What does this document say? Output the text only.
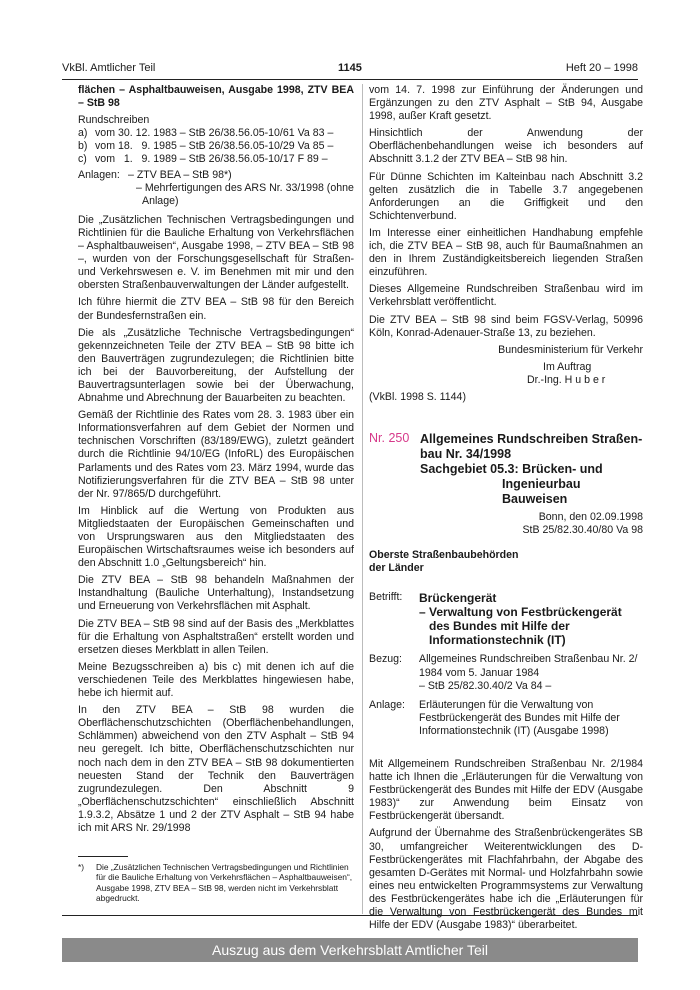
VkBl. Amtlicher Teil	1145	Heft 20 – 1998

flächen – Asphaltbauweisen, Ausgabe 1998, ZTV BEA – StB 98

Rundschreiben

a) vom 30. 12. 1983 – StB 26/38.56.05-10/61 Va 83 –
b) vom 18.   9. 1985 – StB 26/38.56.05-10/29 Va 85 –
c) vom   1.   9. 1989 – StB 26/38.56.05-10/17 F 89 –
Anlagen: – ZTV BEA – StB 98*)
– Mehrfertigungen des ARS Nr. 33/1998 (ohne Anlage)

Die „Zusätzlichen Technischen Vertragsbedingungen und Richtlinien für die Bauliche Erhaltung von Verkehrsflächen – Asphaltbauweisen“, Ausgabe 1998, – ZTV BEA – StB 98 –, wurden von der Forschungsgesellschaft für Straßen- und Verkehrswesen e. V. im Benehmen mit mir und den obersten Straßenbauverwaltungen der Länder aufgestellt.

Ich führe hiermit die ZTV BEA – StB 98 für den Bereich der Bundesfernstraßen ein.

Die als „Zusätzliche Technische Vertragsbedingungen“ gekennzeichneten Teile der ZTV BEA – StB 98 bitte ich den Bauverträgen zugrundezulegen; die Richtlinien bitte ich bei der Bauvorbereitung, der Aufstellung der Bauvertragsunterlagen sowie bei der Überwachung, Abnahme und Abrechnung der Bauarbeiten zu beachten.

Gemäß der Richtlinie des Rates vom 28. 3. 1983 über ein Informationsverfahren auf dem Gebiet der Normen und technischen Vorschriften (83/189/EWG), zuletzt geändert durch die Richtlinie 94/10/EG (InfoRL) des Europäischen Parlaments und des Rates vom 23. März 1994, wurde das Notifizierungsverfahren für die ZTV BEA – StB 98 unter der Nr. 97/865/D durchgeführt.

Im Hinblick auf die Wertung von Produkten aus Mitgliedstaaten der Europäischen Gemeinschaften und von Ursprungswaren aus den Mitgliedstaaten des Europäischen Wirtschaftsraumes weise ich besonders auf den Abschnitt 1.0 „Geltungsbereich“ hin.

Die ZTV BEA – StB 98 behandeln Maßnahmen der Instandhaltung (Bauliche Unterhaltung), Instandsetzung und Erneuerung von Verkehrsflächen mit Asphalt.

Die ZTV BEA – StB 98 sind auf der Basis des „Merkblattes für die Erhaltung von Asphaltstraßen“ erstellt worden und ersetzen dieses Merkblatt in allen Teilen.

Meine Bezugsschreiben a) bis c) mit denen ich auf die verschiedenen Teile des Merkblattes hingewiesen habe, hebe ich hiermit auf.

In den ZTV BEA – StB 98 wurden die Oberflächenschutzschichten (Oberflächenbehandlungen, Schlämmen) abweichend von den ZTV Asphalt – StB 94 neu geregelt. Ich bitte, Oberflächenschutzschichten nur noch nach dem in den ZTV BEA – StB 98 dokumentierten neuesten Stand der Technik den Bauverträgen zugrundezulegen. Den Abschnitt 9 „Oberflächenschutzschichten“ einschließlich Abschnitt 1.9.3.2, Absätze 1 und 2 der ZTV Asphalt – StB 94 habe ich mit ARS Nr. 29/1998

*)	Die „Zusätzlichen Technischen Vertragsbedingungen und Richtlinien für die Bauliche Erhaltung von Verkehrsflächen – Asphaltbauweisen“, Ausgabe 1998, ZTV BEA – StB 98, werden nicht im Verkehrsblatt abgedruckt.

vom 14. 7. 1998 zur Einführung der Änderungen und Ergänzungen zu den ZTV Asphalt – StB 94, Ausgabe 1998, außer Kraft gesetzt.

Hinsichtlich der Anwendung der Oberflächenbehandlungen weise ich besonders auf Abschnitt 3.1.2 der ZTV BEA – StB 98 hin.

Für Dünne Schichten im Kalteinbau nach Abschnitt 3.2 gelten zusätzlich die in Tabelle 3.7 angegebenen Anforderungen an die Griffigkeit und den Schichtenverbund.

Im Interesse einer einheitlichen Handhabung empfehle ich, die ZTV BEA – StB 98, auch für Baumaßnahmen an den in Ihrem Zuständigkeitsbereich liegenden Straßen einzuführen.

Dieses Allgemeine Rundschreiben Straßenbau wird im Verkehrsblatt veröffentlicht.

Die ZTV BEA – StB 98 sind beim FGSV-Verlag, 50996 Köln, Konrad-Adenauer-Straße 13, zu beziehen.

Bundesministerium für Verkehr

Im Auftrag

Dr.-Ing. H u b e r

(VkBl. 1998 S. 1144)

Nr. 250 Allgemeines Rundschreiben Straßen-
bau Nr. 34/1998
Sachgebiet 05.3: Brücken- und
Ingenieurbau
Bauweisen
Bonn, den 02.09.1998
StB 25/82.30.40/80 Va 98

Oberste Straßenbaubehörden

der Länder

Betrifft:	Brückengerät
– Verwaltung von Festbrückengerät des Bundes mit Hilfe der Informationstechnik (IT)
Bezug:	Allgemeines Rundschreiben Straßenbau Nr. 2/
1984 vom 5. Januar 1984
– StB 25/82.30.40/2 Va 84 –
Anlage:	Erläuterungen für die Verwaltung von Festbrückengerät des Bundes mit Hilfe der Informationstechnik (IT) (Ausgabe 1998)

Mit Allgemeinem Rundschreiben Straßenbau Nr. 2/1984 hatte ich Ihnen die „Erläuterungen für die Verwaltung von Festbrückengerät des Bundes mit Hilfe der EDV (Ausgabe 1983)“ zur Anwendung beim Einsatz von Festbrückengerät übersandt.

Aufgrund der Übernahme des Straßenbrückengerätes SB 30, umfangreicher Weiterentwicklungen des D-Festbrückengerätes mit Flachfahrbahn, der Abgabe des gesamten D-Gerätes mit Normal- und Holzfahrbahn sowie eines neu entwickelten Programmsystems zur Verwaltung des Festbrückengerätes habe ich die „Erläuterungen für die Verwaltung von Festbrückengerät des Bundes mit Hilfe der EDV (Ausgabe 1983)“ überarbeitet.

Auszug aus dem Verkehrsblatt Amtlicher Teil
